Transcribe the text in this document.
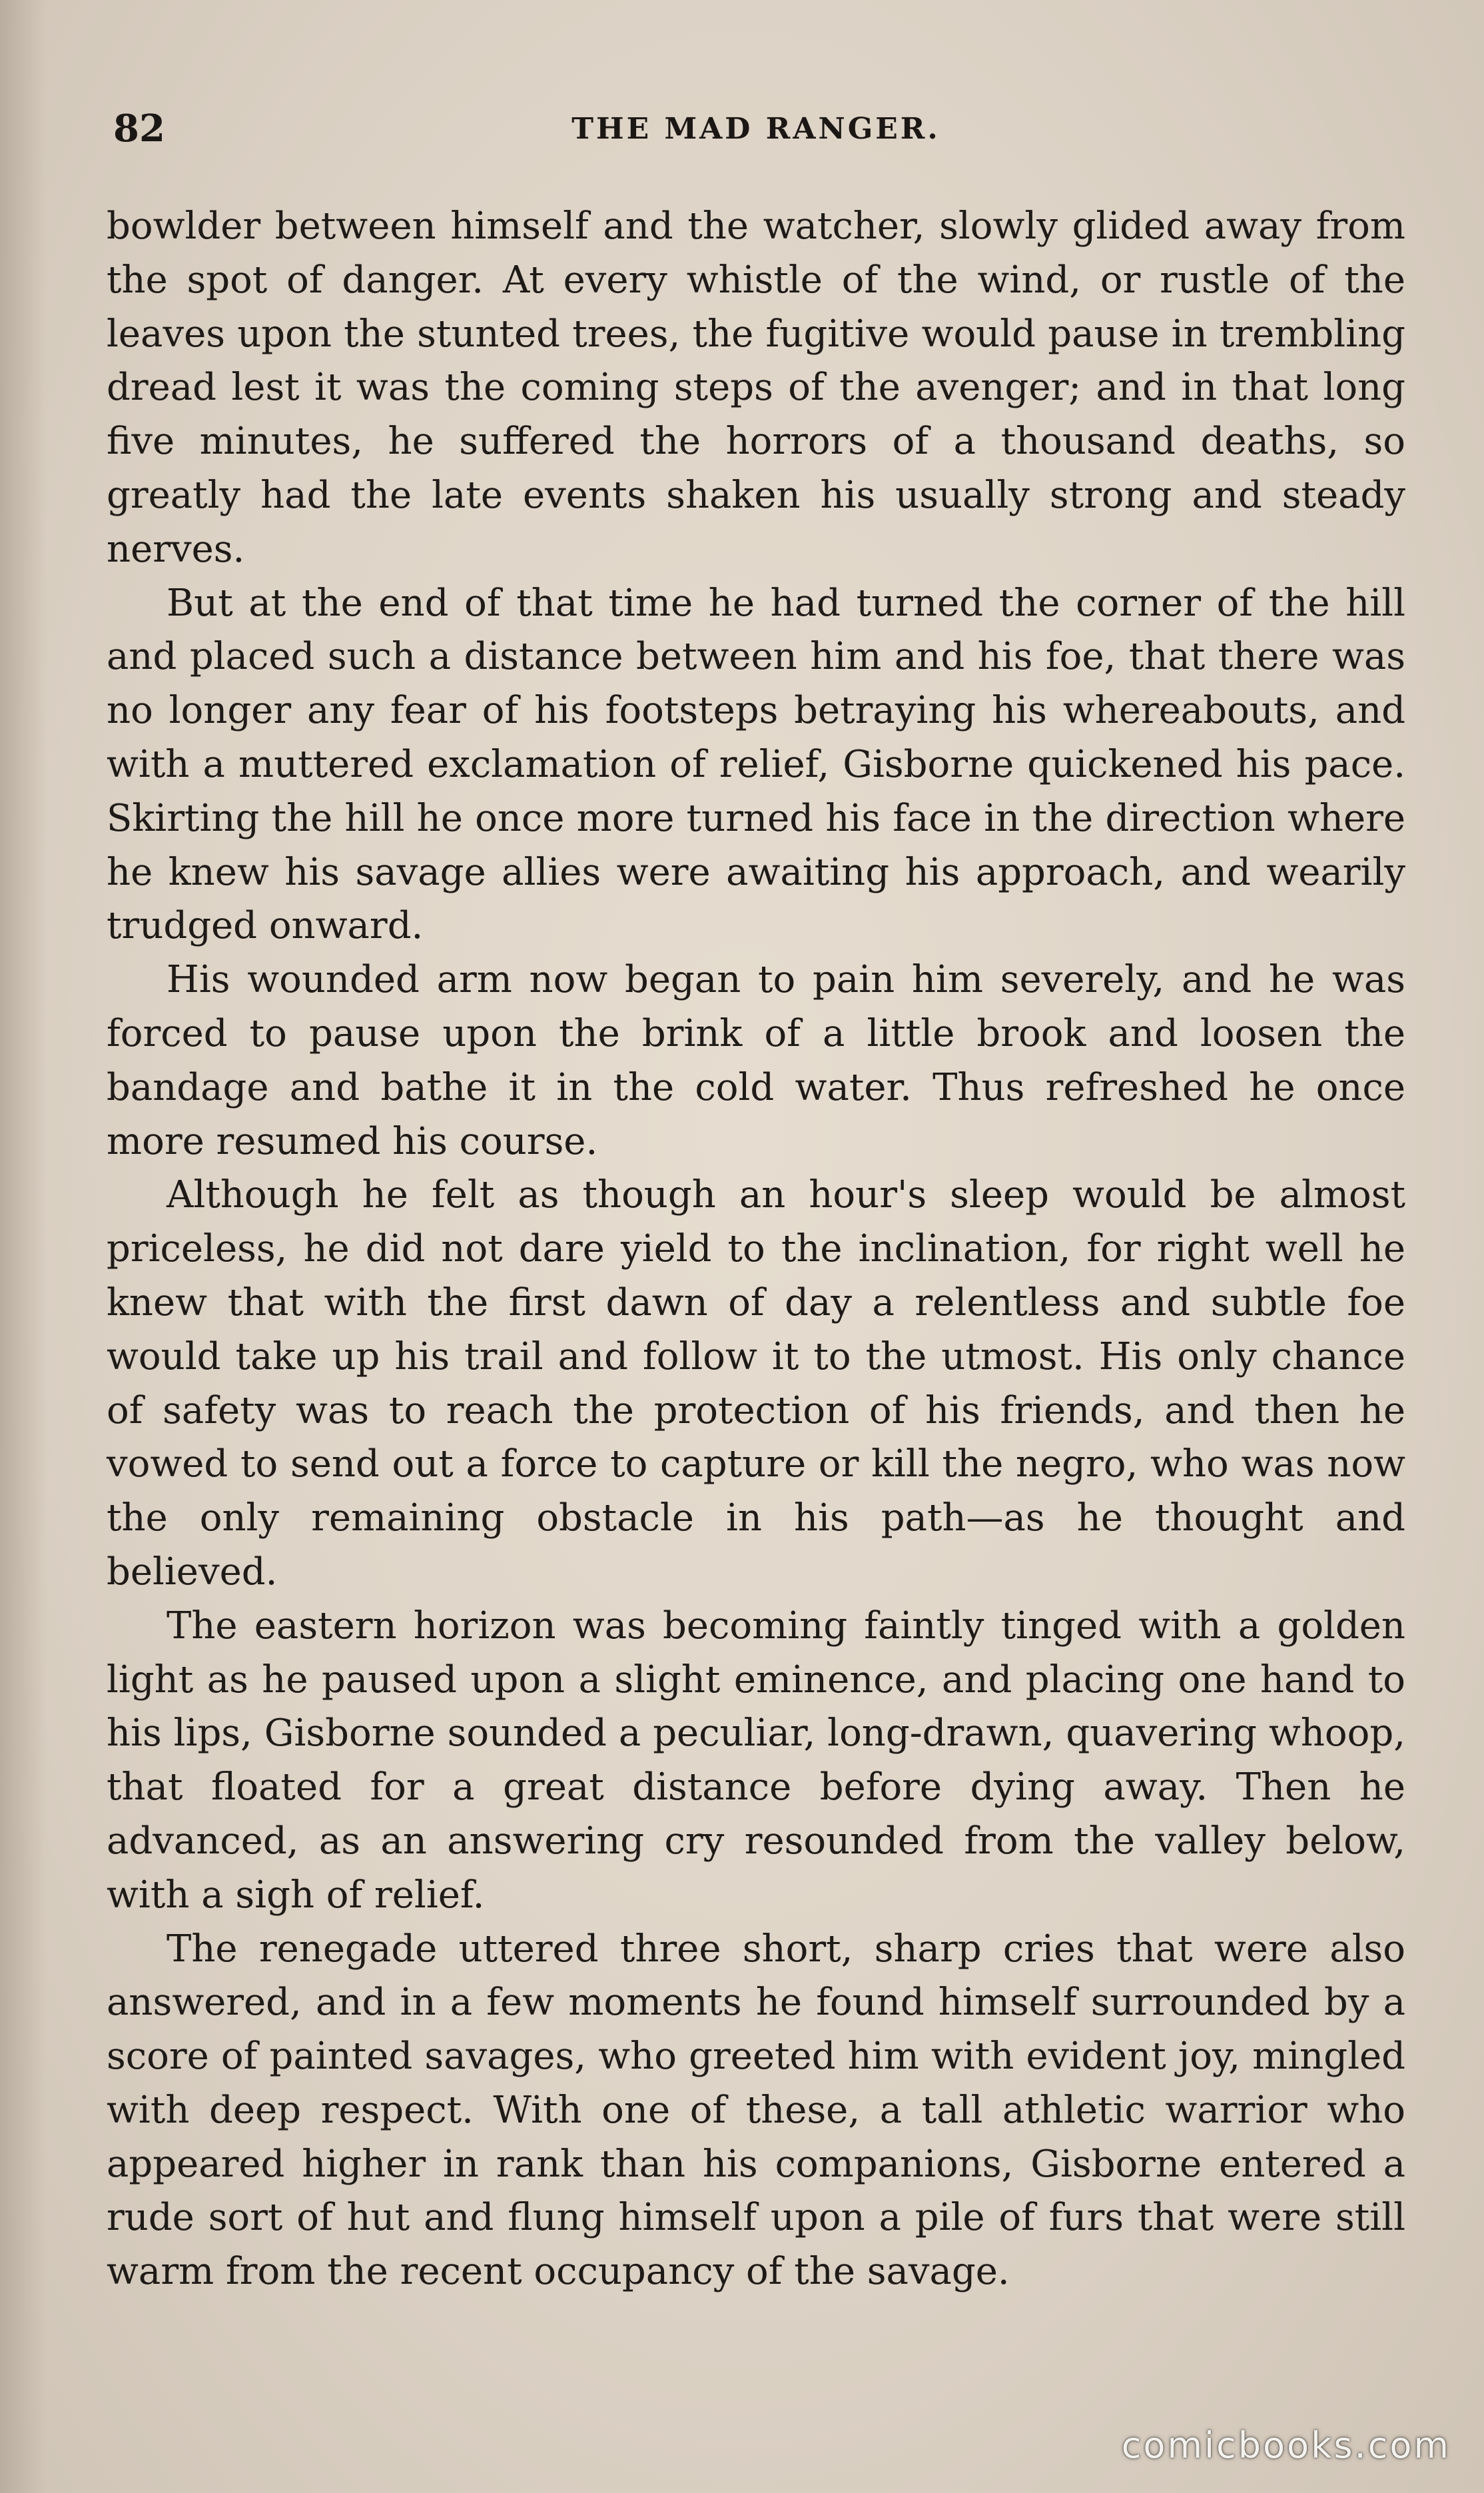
82	THE MAD RANGER.

bowlder between himself and the watcher, slowly glided away from the spot of danger. At every whistle of the wind, or rustle of the leaves upon the stunted trees, the fugitive would pause in trembling dread lest it was the coming steps of the avenger; and in that long five minutes, he suffered the horrors of a thousand deaths, so greatly had the late events shaken his usually strong and steady nerves.

But at the end of that time he had turned the corner of the hill and placed such a distance between him and his foe, that there was no longer any fear of his footsteps betraying his whereabouts, and with a muttered exclamation of relief, Gisborne quickened his pace. Skirting the hill he once more turned his face in the direction where he knew his savage allies were awaiting his approach, and wearily trudged onward.

His wounded arm now began to pain him severely, and he was forced to pause upon the brink of a little brook and loosen the bandage and bathe it in the cold water. Thus refreshed he once more resumed his course.

Although he felt as though an hour's sleep would be almost priceless, he did not dare yield to the inclination, for right well he knew that with the first dawn of day a relentless and subtle foe would take up his trail and follow it to the utmost. His only chance of safety was to reach the protection of his friends, and then he vowed to send out a force to capture or kill the negro, who was now the only remaining obstacle in his path—as he thought and believed.

The eastern horizon was becoming faintly tinged with a golden light as he paused upon a slight eminence, and placing one hand to his lips, Gisborne sounded a peculiar, long-drawn, quavering whoop, that floated for a great distance before dying away. Then he advanced, as an answering cry resounded from the valley below, with a sigh of relief.

The renegade uttered three short, sharp cries that were also answered, and in a few moments he found himself surrounded by a score of painted savages, who greeted him with evident joy, mingled with deep respect. With one of these, a tall athletic warrior who appeared higher in rank than his companions, Gisborne entered a rude sort of hut and flung himself upon a pile of furs that were still warm from the recent occupancy of the savage.

comicbooks.com
